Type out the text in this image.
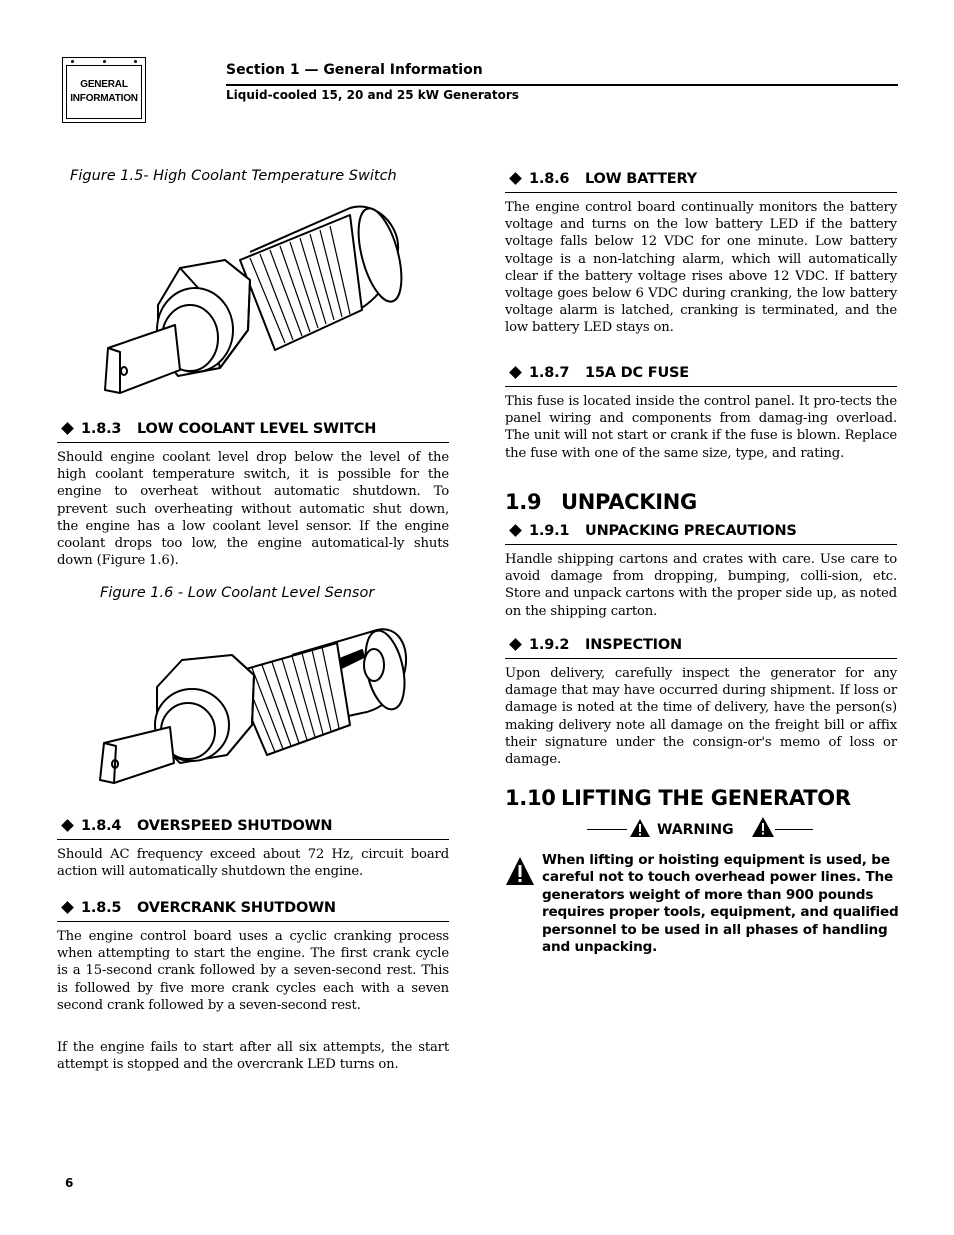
GENERAL
INFORMATION
Section 1 — General Information
Liquid-cooled 15, 20 and 25 kW Generators
Figure 1.5- High Coolant Temperature Switch
1.8.3 LOW COOLANT LEVEL SWITCH
Should engine coolant level drop below the level of the high coolant temperature switch, it is possible for the engine to overheat without automatic shutdown. To prevent such overheating without automatic shut down, the engine has a low coolant level sensor. If the engine coolant drops too low, the engine automatical-ly shuts down (Figure 1.6).
Figure 1.6 - Low Coolant Level Sensor
1.8.4 OVERSPEED SHUTDOWN
Should AC frequency exceed about 72 Hz, circuit board action will automatically shutdown the engine.
1.8.5 OVERCRANK SHUTDOWN
The engine control board uses a cyclic cranking process when attempting to start the engine. The first crank cycle is a 15-second crank followed by a seven-second rest. This is followed by five more crank cycles each with a seven second crank followed by a seven-second rest.
If the engine fails to start after all six attempts, the start attempt is stopped and the overcrank LED turns on.
1.8.6 LOW BATTERY
The engine control board continually monitors the battery voltage and turns on the low battery LED if the battery voltage falls below 12 VDC for one minute. Low battery voltage is a non-latching alarm, which will automatically clear if the battery voltage rises above 12 VDC. If battery voltage goes below 6 VDC during cranking, the low battery voltage alarm is latched, cranking is terminated, and the low battery LED stays on.
1.8.7 15A DC FUSE
This fuse is located inside the control panel. It pro-tects the panel wiring and components from damag-ing overload. The unit will not start or crank if the fuse is blown. Replace the fuse with one of the same size, type, and rating.
1.9 UNPACKING
1.9.1 UNPACKING PRECAUTIONS
Handle shipping cartons and crates with care. Use care to avoid damage from dropping, bumping, colli-sion, etc. Store and unpack cartons with the proper side up, as noted on the shipping carton.
1.9.2 INSPECTION
Upon delivery, carefully inspect the generator for any damage that may have occurred during shipment. If loss or damage is noted at the time of delivery, have the person(s) making delivery note all damage on the freight bill or affix their signature under the consign-or's memo of loss or damage.
1.10 LIFTING THE GENERATOR
WARNING
When lifting or hoisting equipment is used, be careful not to touch overhead power lines. The generators weight of more than 900 pounds requires proper tools, equipment, and qualified personnel to be used in all phases of handling and unpacking.
6
